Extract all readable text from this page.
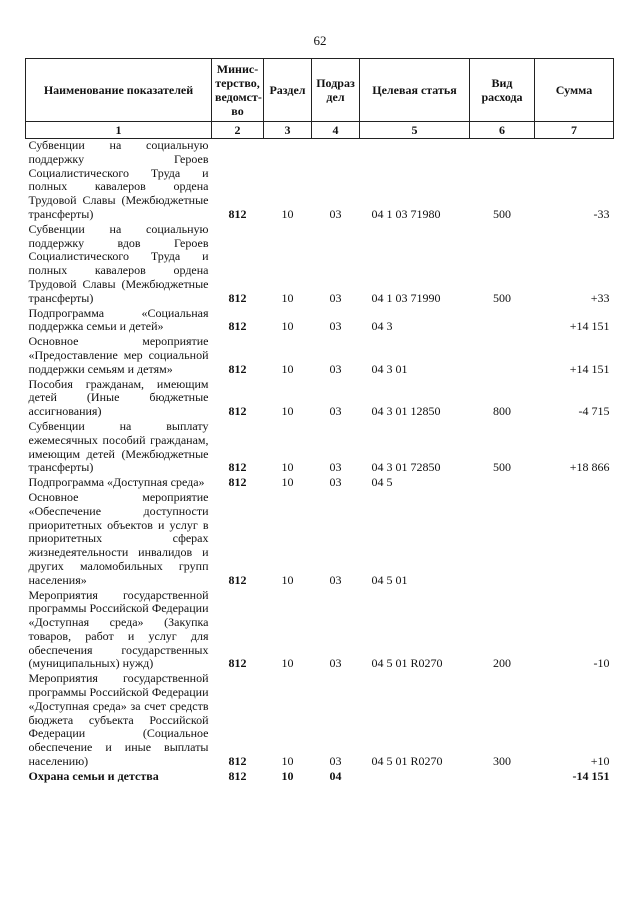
62
Наименование показателей	Минис-терство, ведомст-во	Раздел	Подраз дел	Целевая статья	Вид расхода	Сумма
1	2	3	4	5	6	7
Субвенции на социальную поддержку Героев Социалистического Труда и полных кавалеров ордена Трудовой Славы (Межбюджетные трансферты)	812	10	03	04 1 03 71980	500	-33
Субвенции на социальную поддержку вдов Героев Социалистического Труда и полных кавалеров ордена Трудовой Славы (Межбюджетные трансферты)	812	10	03	04 1 03 71990	500	+33
Подпрограмма «Социальная поддержка семьи и детей»	812	10	03	04 3		+14 151
Основное мероприятие «Предоставление мер социальной поддержки семьям и детям»	812	10	03	04 3 01		+14 151
Пособия гражданам, имеющим детей (Иные бюджетные ассигнования)	812	10	03	04 3 01 12850	800	-4 715
Субвенции на выплату ежемесячных пособий гражданам, имеющим детей (Межбюджетные трансферты)	812	10	03	04 3 01 72850	500	+18 866
Подпрограмма «Доступная среда»	812	10	03	04 5		
Основное мероприятие «Обеспечение доступности приоритетных объектов и услуг в приоритетных сферах жизнедеятельности инвалидов и других маломобильных групп населения»	812	10	03	04 5 01		
Мероприятия государственной программы Российской Федерации «Доступная среда» (Закупка товаров, работ и услуг для обеспечения государственных (муниципальных) нужд)	812	10	03	04 5 01 R0270	200	-10
Мероприятия государственной программы Российской Федерации «Доступная среда» за счет средств бюджета субъекта Российской Федерации (Социальное обеспечение и иные выплаты населению)	812	10	03	04 5 01 R0270	300	+10
Охрана семьи и детства	812	10	04			-14 151
